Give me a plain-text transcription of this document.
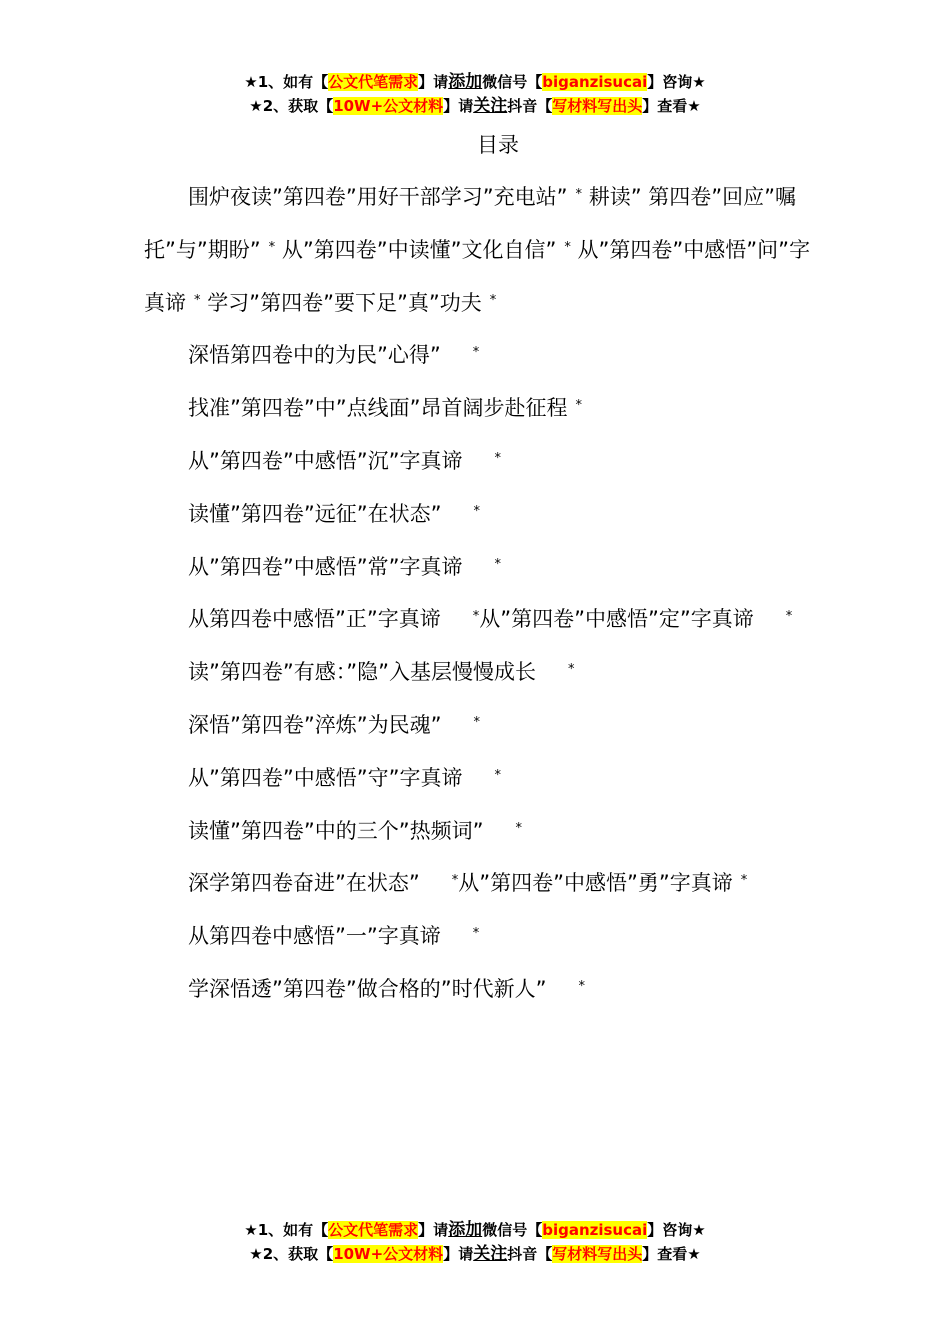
★1、如有【公文代笔需求】请添加微信号【biganzisucai】咨询★
★2、获取【10W+公文材料】请关注抖音【写材料写出头】查看★
目录

围炉夜读”第四卷”用好干部学习”充电站” * 耕读” 第四卷”回应”嘱托”与”期盼” * 从”第四卷”中读懂”文化自信” * 从”第四卷”中感悟”问”字真谛 * 学习”第四卷”要下足”真”功夫 *

深悟第四卷中的为民”心得” *

找准”第四卷”中”点线面”昂首阔步赴征程 *

从”第四卷”中感悟”沉”字真谛 *

读懂”第四卷”远征”在状态” *

从”第四卷”中感悟”常”字真谛 *

从第四卷中感悟”正”字真谛 *从”第四卷”中感悟”定”字真谛 *

读”第四卷”有感：”隐”入基层慢慢成长 *

深悟”第四卷”淬炼”为民魂” *

从”第四卷”中感悟”守”字真谛 *

读懂”第四卷”中的三个”热频词” *

深学第四卷奋进”在状态” *从”第四卷”中感悟”勇”字真谛 *

从第四卷中感悟”一”字真谛 *

学深悟透”第四卷”做合格的”时代新人” *

★1、如有【公文代笔需求】请添加微信号【biganzisucai】咨询★
★2、获取【10W+公文材料】请关注抖音【写材料写出头】查看★
